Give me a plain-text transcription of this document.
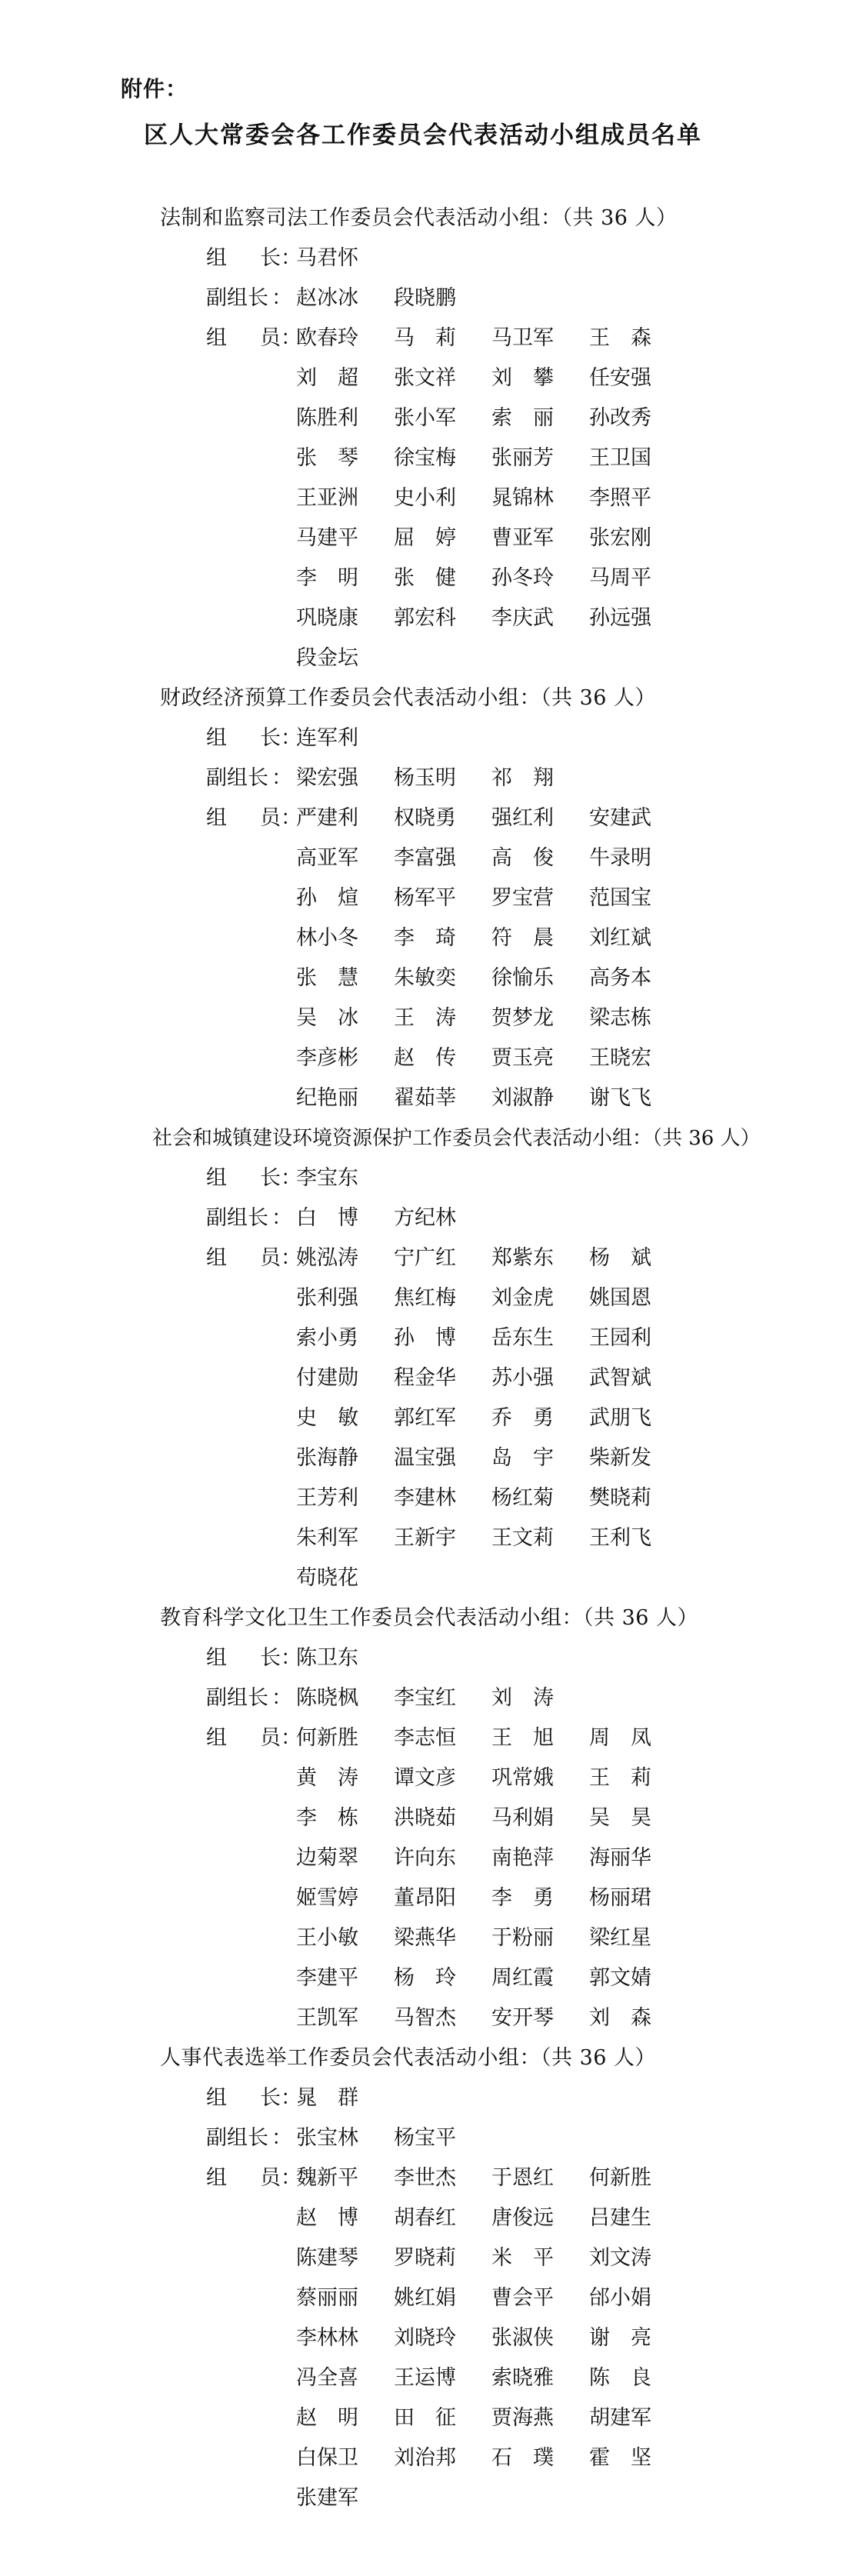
附件：
区人大常委会各工作委员会代表活动小组成员名单
法制和监察司法工作委员会代表活动小组：（共 36 人）
组 长：
马君怀
副组长 ： 赵冰冰 段晓鹏
组 员：
欧春玲 马　莉 马卫军 王　森
刘　超 张文祥 刘　攀 任安强
陈胜利 张小军 索　丽 孙改秀
张　琴 徐宝梅 张丽芳 王卫国
王亚洲 史小利 晁锦林 李照平
马建平 屈　婷 曹亚军 张宏刚
李　明 张　健 孙冬玲 马周平
巩晓康 郭宏科 李庆武 孙远强
段金坛
财政经济预算工作委员会代表活动小组：（共 36 人）
组 长：
连军利
副组长 ： 梁宏强 杨玉明 祁　翔
组 员：
严建利 权晓勇 强红利 安建武
高亚军 李富强 高　俊 牛录明
孙　煊 杨军平 罗宝营 范国宝
林小冬 李　琦 符　晨 刘红斌
张　慧 朱敏奕 徐愉乐 高务本
吴　冰 王　涛 贺梦龙 梁志栋
李彦彬 赵　传 贾玉亮 王晓宏
纪艳丽 翟茹莘 刘淑静 谢飞飞
社会和城镇建设环境资源保护工作委员会代表活动小组：（共 36 人）
组 长：
李宝东
副组长 ： 白　博 方纪林
组 员：
姚泓涛 宁广红 郑紫东 杨　斌
张利强 焦红梅 刘金虎 姚国恩
索小勇 孙　博 岳东生 王园利
付建勋 程金华 苏小强 武智斌
史　敏 郭红军 乔　勇 武朋飞
张海静 温宝强 岛　宇 柴新发
王芳利 李建林 杨红菊 樊晓莉
朱利军 王新宇 王文莉 王利飞
苟晓花
教育科学文化卫生工作委员会代表活动小组：（共 36 人）
组 长：
陈卫东
副组长 ： 陈晓枫 李宝红 刘　涛
组 员：
何新胜 李志恒 王　旭 周　凤
黄　涛 谭文彦 巩常娥 王　莉
李　栋 洪晓茹 马利娟 吴　昊
边菊翠 许向东 南艳萍 海丽华
姬雪婷 董昂阳 李　勇 杨丽珺
王小敏 梁燕华 于粉丽 梁红星
李建平 杨　玲 周红霞 郭文婧
王凯军 马智杰 安开琴 刘　森
人事代表选举工作委员会代表活动小组：（共 36 人）
组 长：
晁　群
副组长 ： 张宝林 杨宝平
组 员：
魏新平 李世杰 于恩红 何新胜
赵　博 胡春红 唐俊远 吕建生
陈建琴 罗晓莉 米　平 刘文涛
蔡丽丽 姚红娟 曹会平 邰小娟
李林林 刘晓玲 张淑侠 谢　亮
冯全喜 王运博 索晓雅 陈　良
赵　明 田　征 贾海燕 胡建军
白保卫 刘治邦 石　璞 霍　坚
张建军
